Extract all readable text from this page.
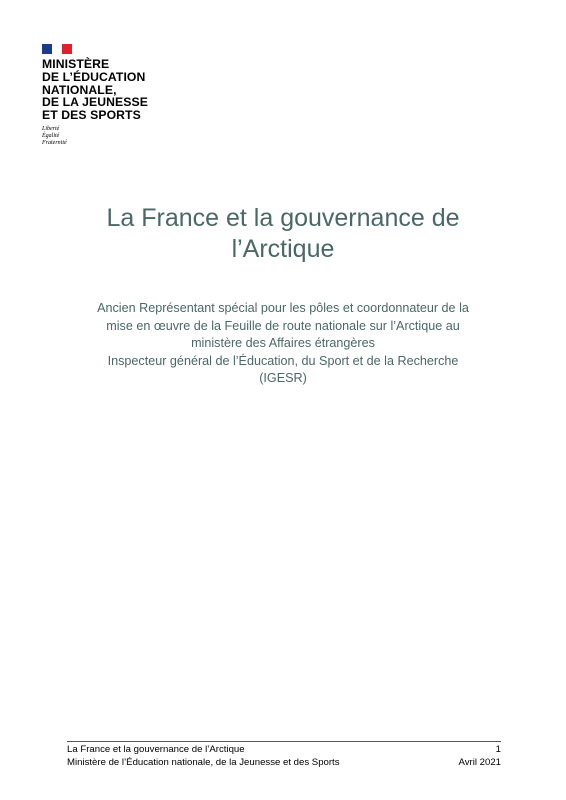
MINISTÈRE
DE L’ÉDUCATION
NATIONALE,
DE LA JEUNESSE
ET DES SPORTS
Liberté
Égalité
Fraternité
La France et la gouvernance de
l’Arctique
Ancien Représentant spécial pour les pôles et coordonnateur de la
mise en œuvre de la Feuille de route nationale sur l’Arctique au
ministère des Affaires étrangères
Inspecteur général de l’Éducation, du Sport et de la Recherche
(IGESR)
La France et la gouvernance de l’Arctique	1
Ministère de l’Éducation nationale, de la Jeunesse et des Sports	Avril 2021
